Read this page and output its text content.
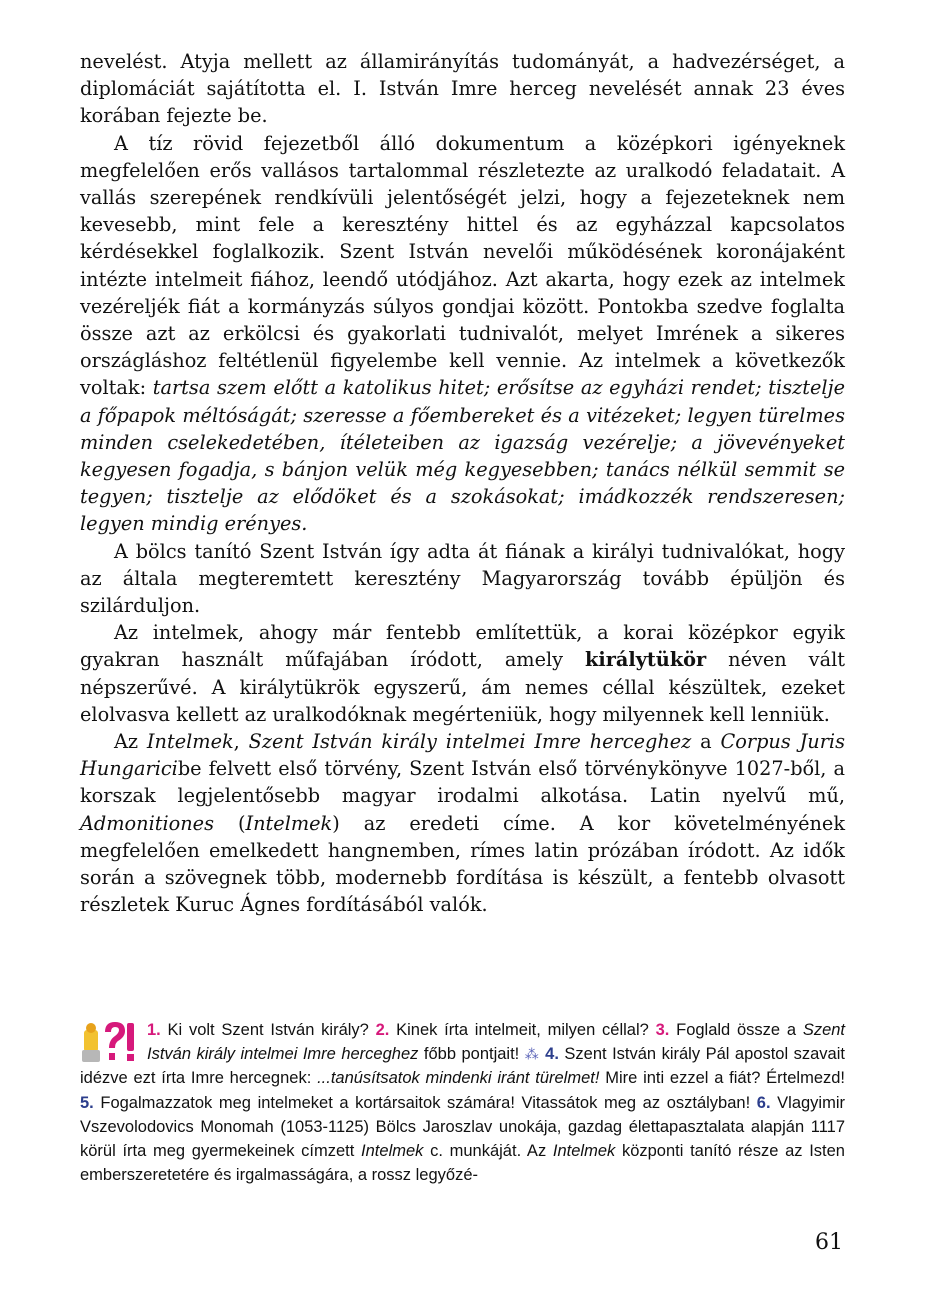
nevelést. Atyja mellett az államirányítás tudományát, a hadvezérséget, a diplomáciát sajátította el. I. István Imre herceg nevelését annak 23 éves korában fejezte be.

A tíz rövid fejezetből álló dokumentum a középkori igényeknek megfelelően erős vallásos tartalommal részletezte az uralkodó feladatait. A vallás szerepének rendkívüli jelentőségét jelzi, hogy a fejezeteknek nem kevesebb, mint fele a keresztény hittel és az egyházzal kapcsolatos kérdésekkel foglalkozik. Szent István nevelői működésének koronájaként intézte intelmeit fiához, leendő utódjához. Azt akarta, hogy ezek az intelmek vezéreljék fiát a kormányzás súlyos gondjai között. Pontokba szedve foglalta össze azt az erkölcsi és gyakorlati tudnivalót, melyet Imrének a sikeres országláshoz feltétlenül figyelembe kell vennie. Az intelmek a következők voltak: tartsa szem előtt a katolikus hitet; erősítse az egyházi rendet; tisztelje a főpapok méltóságát; szeresse a főembereket és a vitézeket; legyen türelmes minden cselekedetében, ítéleteiben az igazság vezérelje; a jövevényeket kegyesen fogadja, s bánjon velük még kegyesebben; tanács nélkül semmit se tegyen; tisztelje az elődöket és a szokásokat; imádkozzék rendszeresen; legyen mindig erényes.

A bölcs tanító Szent István így adta át fiának a királyi tudnivalókat, hogy az általa megteremtett keresztény Magyarország tovább épüljön és szilárduljon.

Az intelmek, ahogy már fentebb említettük, a korai középkor egyik gyakran használt műfajában íródott, amely királytükör néven vált népszerűvé. A királytükrök egyszerű, ám nemes céllal készültek, ezeket elolvasva kellett az uralkodóknak megérteniük, hogy milyennek kell lenniük.

Az Intelmek, Szent István király intelmei Imre herceghez a Corpus Juris Hungaricibe felvett első törvény, Szent István első törvénykönyve 1027-ből, a korszak legjelentősebb magyar irodalmi alkotása. Latin nyelvű mű, Admonitiones (Intelmek) az eredeti címe. A kor követelményének megfelelően emelkedett hangnemben, rímes latin prózában íródott. Az idők során a szövegnek több, modernebb fordítása is készült, a fentebb olvasott részletek Kuruc Ágnes fordításából valók.

1. Ki volt Szent István király? 2. Kinek írta intelmeit, milyen céllal? 3. Foglald össze a Szent István király intelmei Imre herceghez főbb pontjait! ⁂ 4. Szent István király Pál apostol szavait idézve ezt írta Imre hercegnek: ...tanúsítsatok mindenki iránt türelmet! Mire inti ezzel a fiát? Értelmezd! 5. Fogalmazzatok meg intelmeket a kortársaitok számára! Vitassátok meg az osztályban! 6. Vlagyimir Vszevolodovics Monomah (1053-1125) Bölcs Jaroszlav unokája, gazdag élettapasztalata alapján 1117 körül írta meg gyermekeinek címzett Intelmek c. munkáját. Az Intelmek központi tanító része az Isten emberszeretetére és irgalmasságára, a rossz legyőzé-
61
